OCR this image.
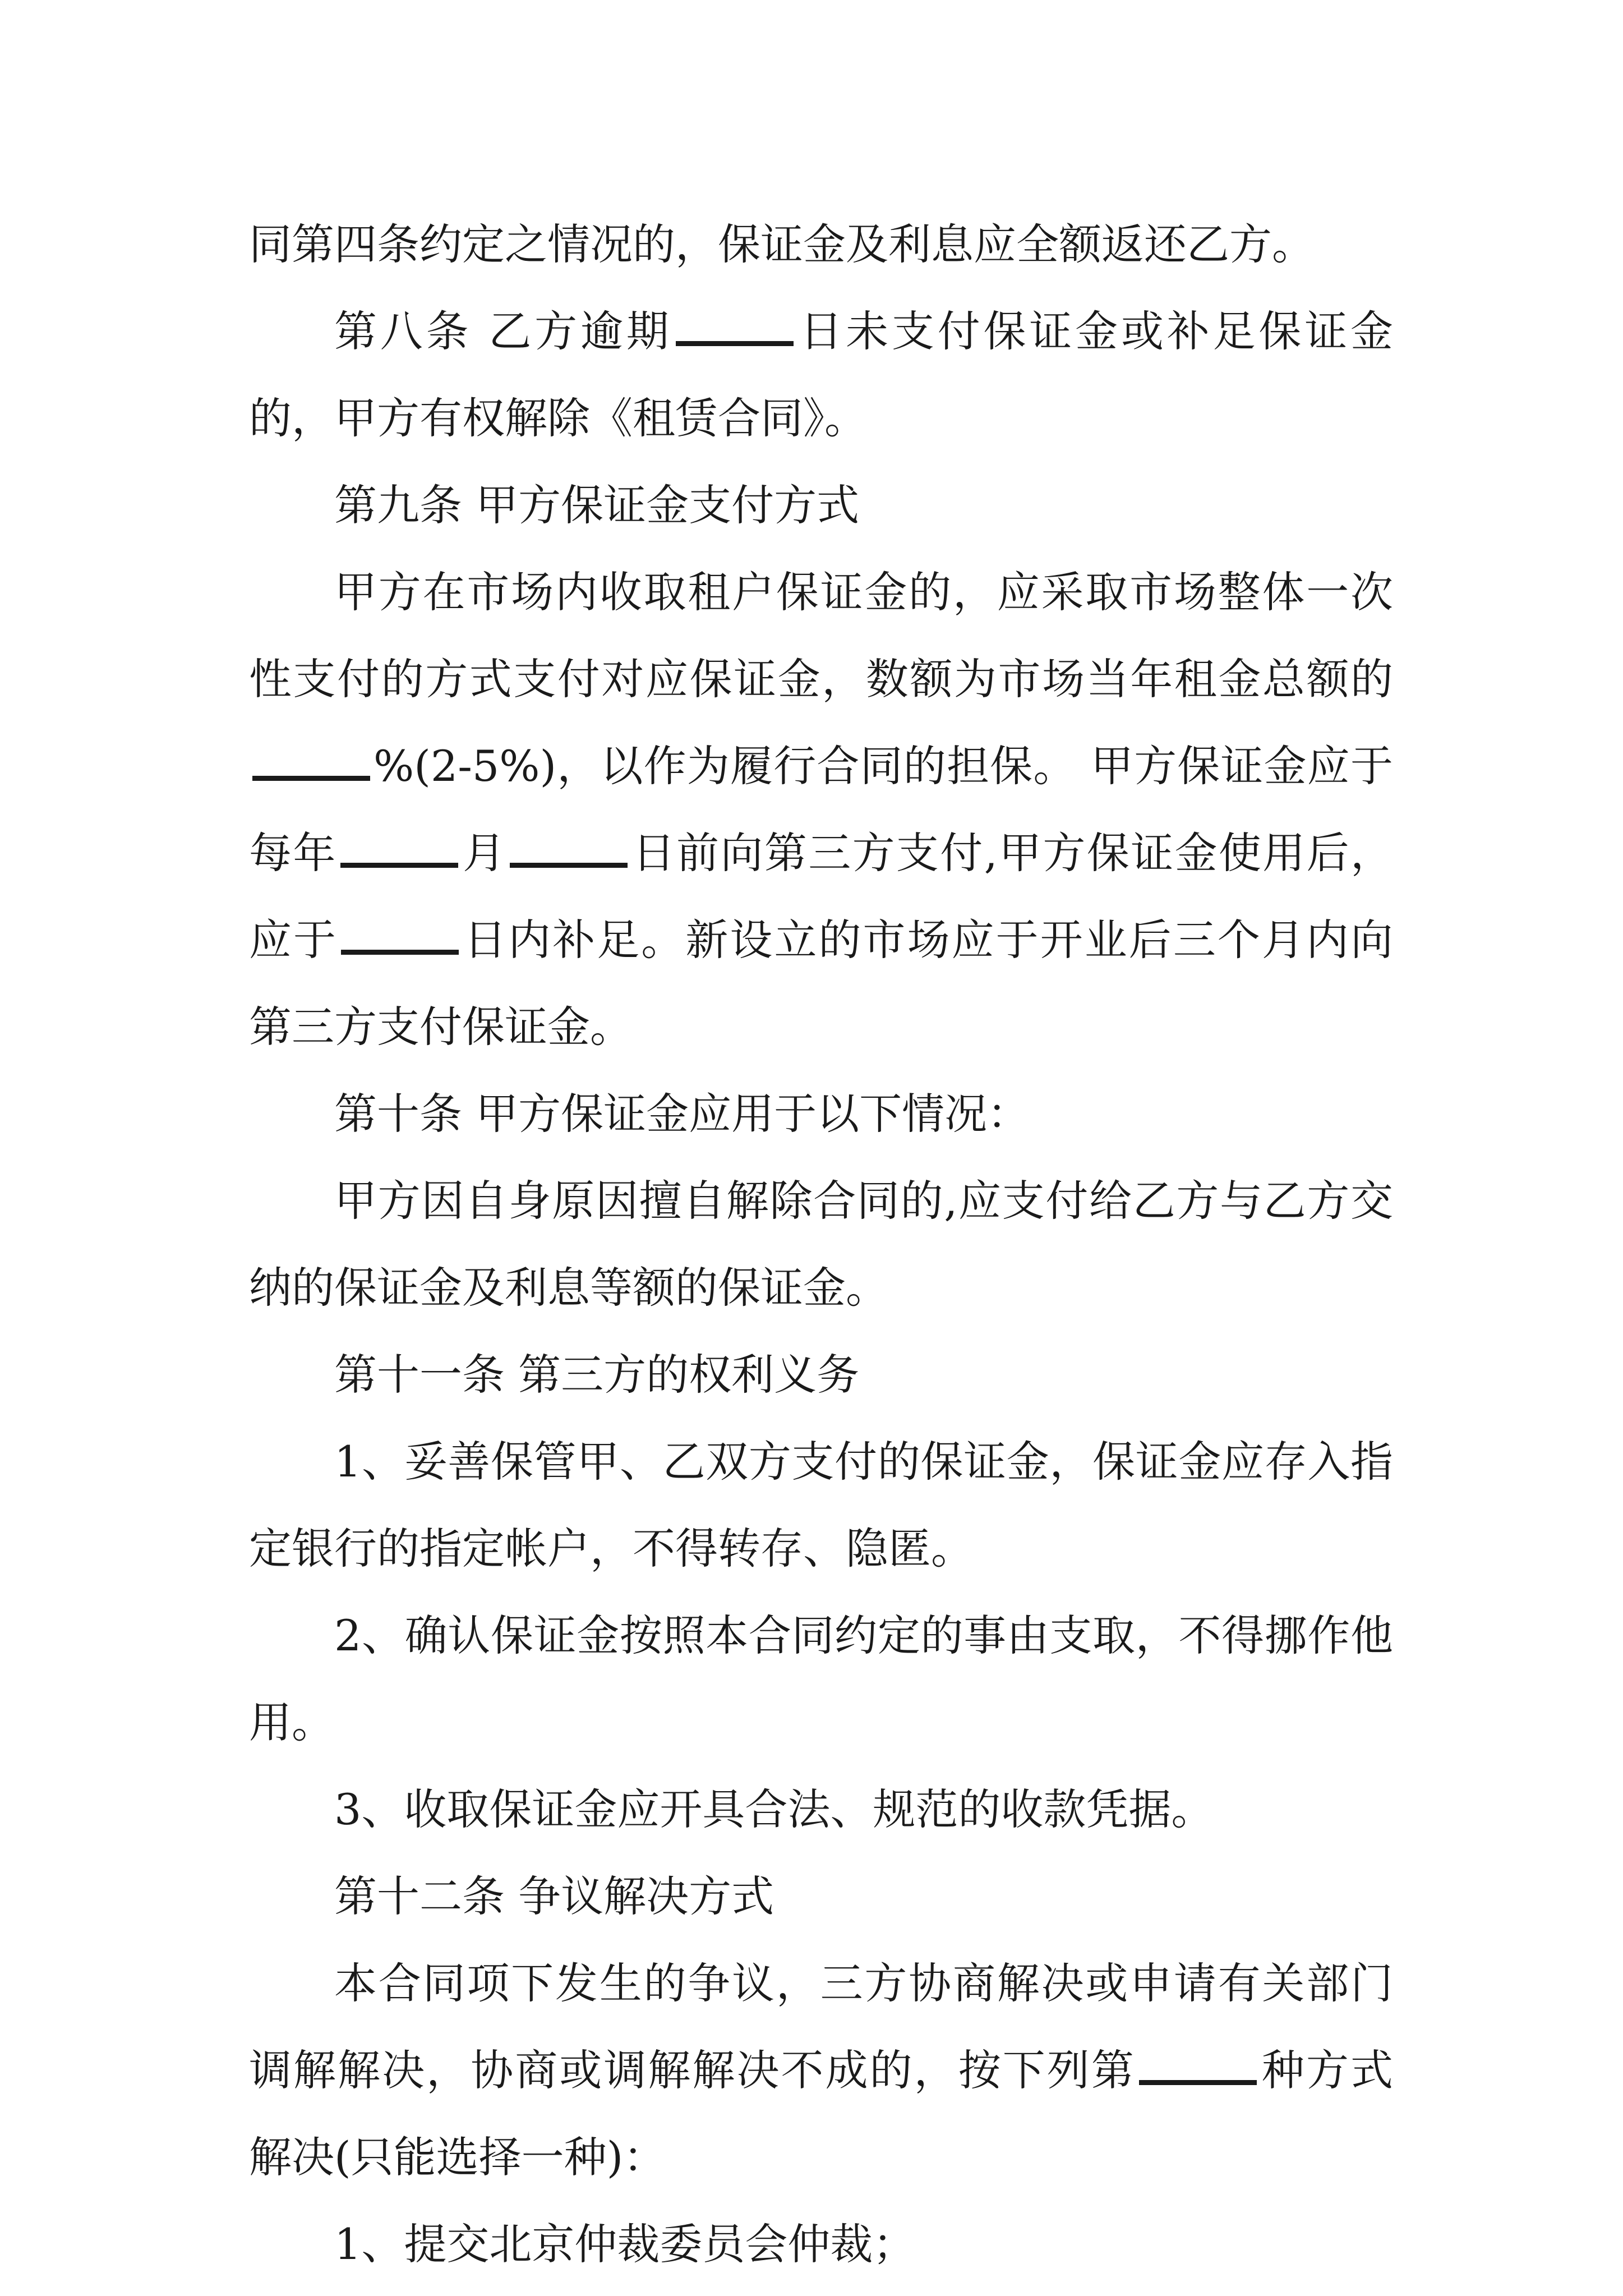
同第四条约定之情况的，保证金及利息应全额返还乙方。

第八条 乙方逾期	日未支付保证金或补足保证金的，甲方有权解除《租赁合同》。

第九条 甲方保证金支付方式

甲方在市场内收取租户保证金的，应采取市场整体一次性支付的方式支付对应保证金，数额为市场当年租金总额的%(2-5%)，以作为履行合同的担保。 甲方保证金应于每年	月	日前向第三方支付,甲方保证金使用后，应于	日内补足。新设立的市场应于开业后三个月内向第三方支付保证金。

第十条 甲方保证金应用于以下情况：

甲方因自身原因擅自解除合同的,应支付给乙方与乙方交纳的保证金及利息等额的保证金。

第十一条 第三方的权利义务

1、妥善保管甲、乙双方支付的保证金，保证金应存入指定银行的指定帐户，不得转存、隐匿。

2、确认保证金按照本合同约定的事由支取，不得挪作他用。

3、收取保证金应开具合法、规范的收款凭据。

第十二条 争议解决方式

本合同项下发生的争议，三方协商解决或申请有关部门调解解决，协商或调解解决不成的，按下列第	种方式解决(只能选择一种)：

1、提交北京仲裁委员会仲裁；
